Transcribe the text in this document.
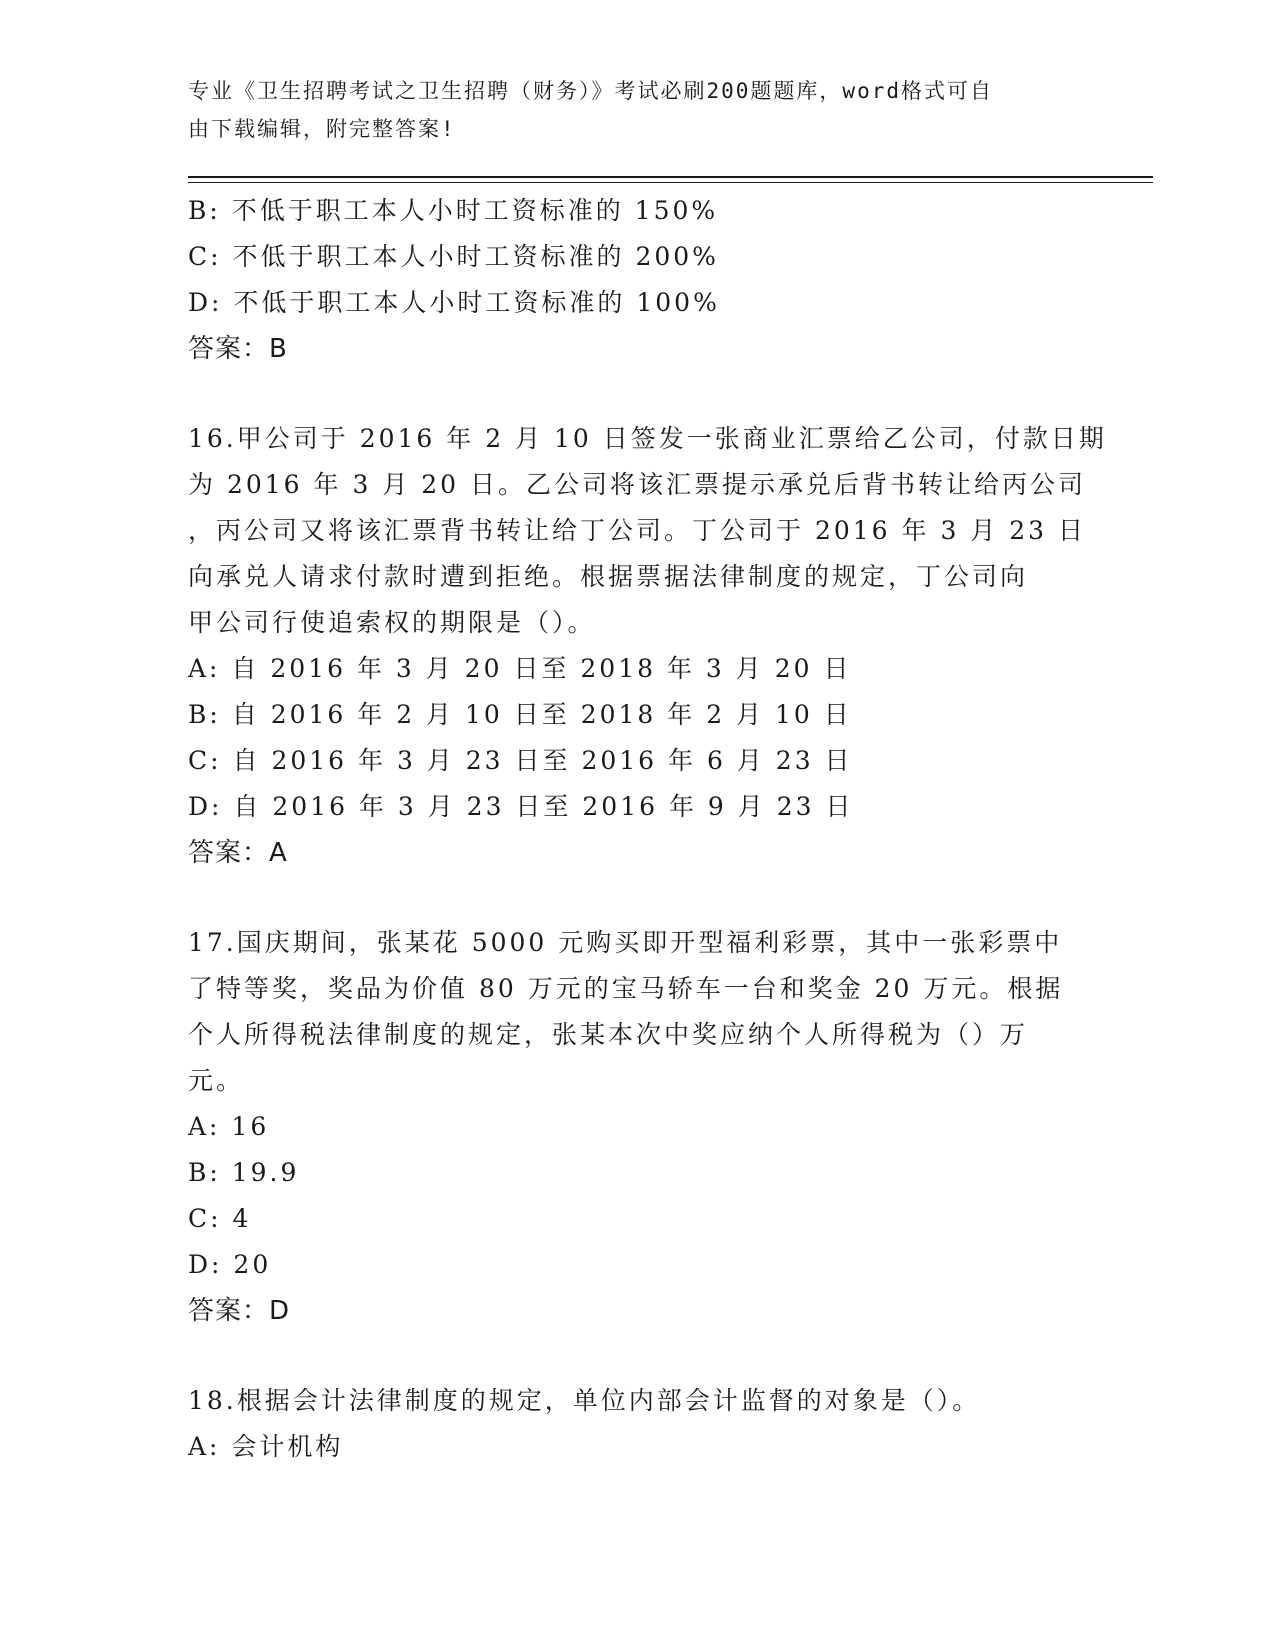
专业《卫生招聘考试之卫生招聘（财务）》考试必刷200题题库，word格式可自
由下载编辑，附完整答案!
B: 不低于职工本人小时工资标准的 150%
C: 不低于职工本人小时工资标准的 200%
D: 不低于职工本人小时工资标准的 100%
答案：B
16.甲公司于 2016 年 2 月 10 日签发一张商业汇票给乙公司，付款日期
为 2016 年 3 月 20 日。乙公司将该汇票提示承兑后背书转让给丙公司
，丙公司又将该汇票背书转让给丁公司。丁公司于 2016 年 3 月 23 日
向承兑人请求付款时遭到拒绝。根据票据法律制度的规定，丁公司向
甲公司行使追索权的期限是（）。
A: 自 2016 年 3 月 20 日至 2018 年 3 月 20 日
B: 自 2016 年 2 月 10 日至 2018 年 2 月 10 日
C: 自 2016 年 3 月 23 日至 2016 年 6 月 23 日
D: 自 2016 年 3 月 23 日至 2016 年 9 月 23 日
答案：A
17.国庆期间，张某花 5000 元购买即开型福利彩票，其中一张彩票中
了特等奖，奖品为价值 80 万元的宝马轿车一台和奖金 20 万元。根据
个人所得税法律制度的规定，张某本次中奖应纳个人所得税为（）万
元。
A: 16
B: 19.9
C: 4
D: 20
答案：D
18.根据会计法律制度的规定，单位内部会计监督的对象是（）。
A: 会计机构
